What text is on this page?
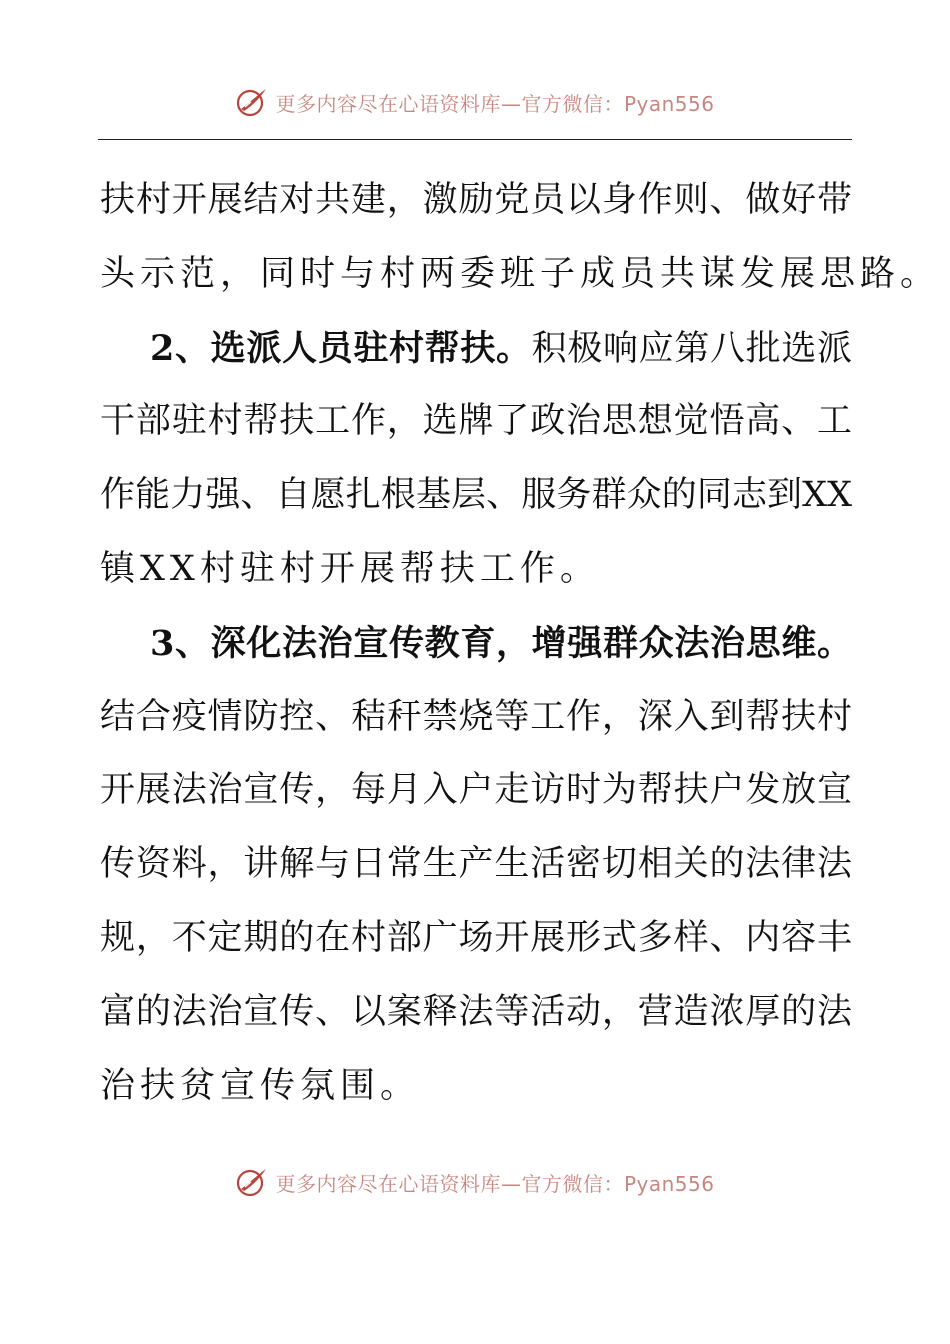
更多内容尽在心语资料库—官方微信：Pyan556
扶村开展结对共建，激励党员以身作则、做好带
头示范，同时与村两委班子成员共谋发展思路。
2、选派人员驻村帮扶。积极响应第八批选派
干部驻村帮扶工作，选牌了政治思想觉悟高、工
作能力强、自愿扎根基层、服务群众的同志到XX
镇XX村驻村开展帮扶工作。
3、深化法治宣传教育，增强群众法治思维。
结合疫情防控、秸秆禁烧等工作，深入到帮扶村
开展法治宣传，每月入户走访时为帮扶户发放宣
传资料，讲解与日常生产生活密切相关的法律法
规，不定期的在村部广场开展形式多样、内容丰
富的法治宣传、以案释法等活动，营造浓厚的法
治扶贫宣传氛围。
更多内容尽在心语资料库—官方微信：Pyan556
